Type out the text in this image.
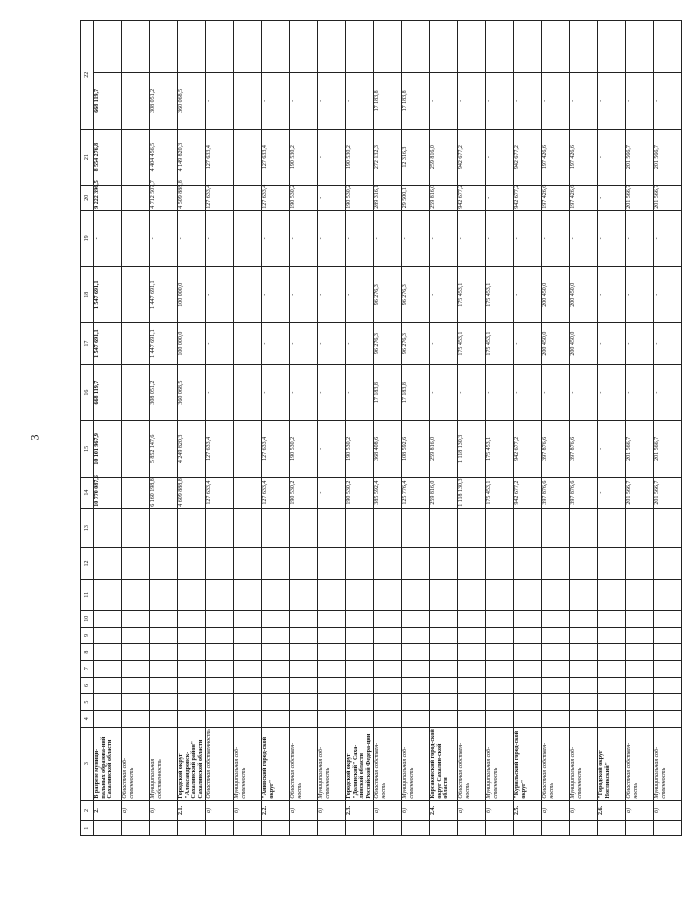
3
1	2	3	4	5	6	7	8	9	10	11	12	13	14	15	16	17	18	19	20	21	22	
	2.	В разрезе муници-пальных образова-ний Сахалинской области											10 770 087,6	10 101 967,9	668 119,7	1 547 691,1	1 547 691,1	-	9 222 396,5	8 554 276,8	668 119,7	
	а)	Областная соб-ственность																				
	б)	Муниципальная собственность											6 160 198,8	5 852 147,6	308 051,2	1 447 691,1	1 447 691,1	-	4 712 507,7	4 404 456,5	308 051,2	
	2.1.	Городской округ "Александровск-Сахалинский район" Сахалинской области											4 609 888,8	4 249 820,3	360 068,5	100 000,0	100 000,0	-	4 509 888,8	4 149 820,3	360 068,5	
	а)	Областная собственность											127 633,4	127 633,4	-	-	-	-	127 633,4	127 633,4	-	
	б)	Муниципальная соб-ственность																				
	2.2.	"Анивский город-ской округ"											127 633,4	127 633,4	-	-	-	-	127 633,4	127 633,4	-	
	а)	Областная собствен-ность											190 530,2	190 530,2	-	-	-	-	190 530,2	190 530,2	-	
	б)	Муниципальная соб-ственность											-	-	-	-	-	-	-	-	-	
	2.3.	Городской округ "Долинский" Саха-линской области Российской Федера-ции											190 530,2	190 530,2	-	-	-	-	190 530,2	190 530,2	-	
	а)	Областная собствен-ность											385 592,4	368 408,6	17 183,8	96 276,3	96 276,3	-	289 316,1	272 132,3	17 183,8	
	б)	Муниципальная соб-ственность											125 776,4	108 592,6	17 183,8	96 276,3	96 276,3	-	29 500,1	12 316,3	17 183,8	
	2.4.	Корсаковский город-ской округ Сахалин-ской области											259 816,0	259 816,0	-	-	-	-	259 816,0	259 816,0	-	
	а)	Областная собствен-ность											1 118 130,3	1 118 130,3	-	175 453,1	175 453,1	-	942 677,2	942 677,2	-	
	б)	Муниципальная соб-ственность											175 453,1	175 453,1	-	175 453,1	175 453,1	-	-	-	-	
	2.5.	"Курильский город-ской округ"											942 677,2	942 677,2	-	-	-	-	942 677,2	942 677,2	-	
	а)	Областная собствен-ность											397 876,6	397 876,6	-	200 450,0	200 450,0	-	197 426,6	197 426,6	-	
	б)	Муниципальная соб-ственность											397 876,6	397 876,6	-	200 450,0	200 450,0	-	197 426,6	197 426,6	-	
	2.6.	"Городской округ Ногликский"											-	-	-	-	-	-	-	-	-	
	а)	Областная собствен-ность											201 566,7	201 566,7	-	-	-	-	201 566,7	201 566,7	-	
	б)	Муниципальная соб-ственность											201 566,7	201 566,7	-	-	-	-	201 566,7	201 566,7	-	
